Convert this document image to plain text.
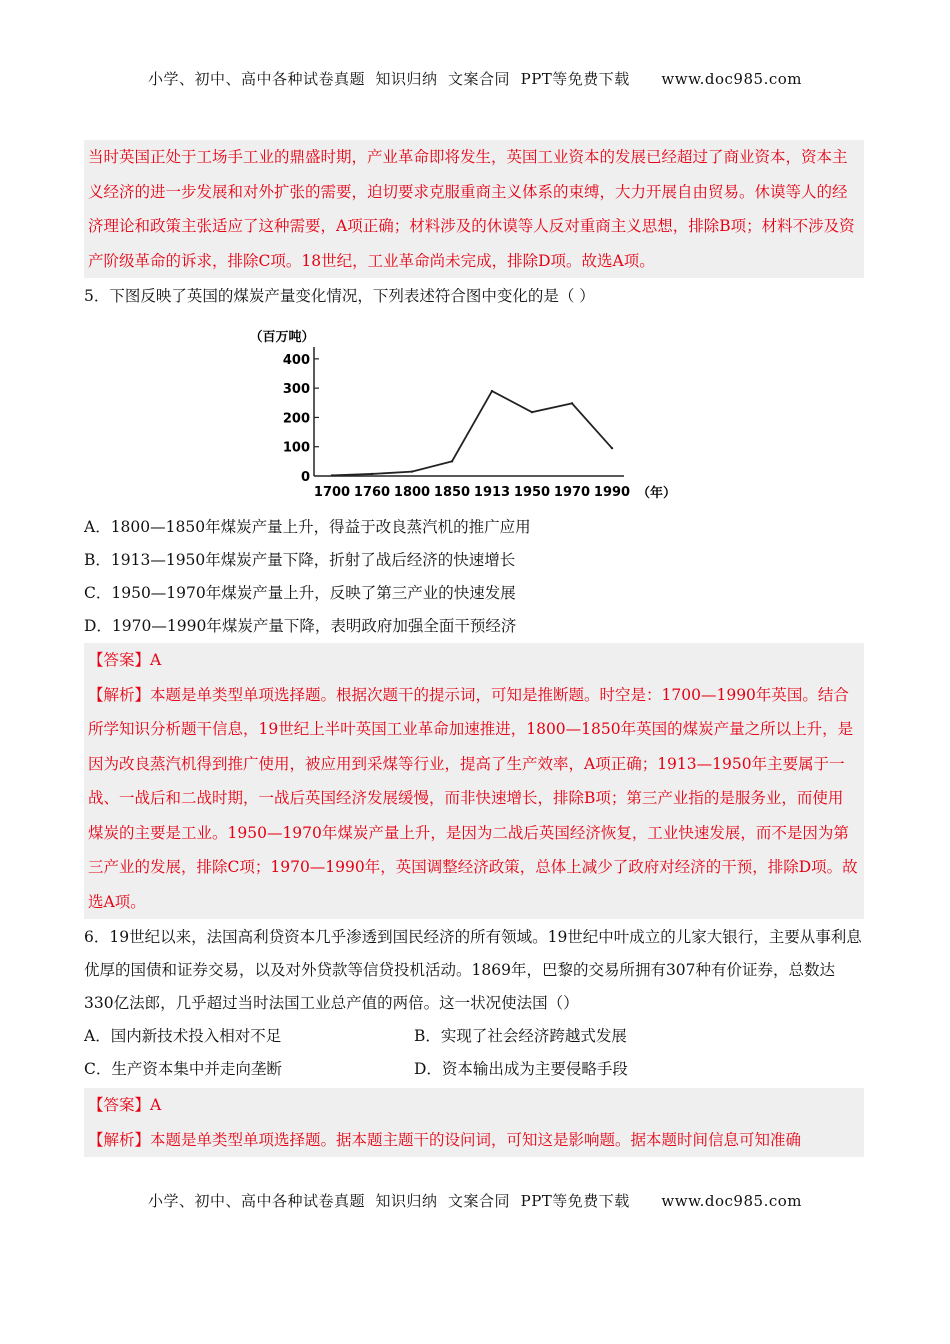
小学、初中、高中各种试卷真题  知识归纳  文案合同  PPT等免费下载      www.doc985.com

当时英国正处于工场手工业的鼎盛时期，产业革命即将发生，英国工业资本的发展已经超过了商业资本，资本主义经济的进一步发展和对外扩张的需要，迫切要求克服重商主义体系的束缚，大力开展自由贸易。休谟等人的经济理论和政策主张适应了这种需要，A项正确；材料涉及的休谟等人反对重商主义思想，排除B项；材料不涉及资产阶级革命的诉求，排除C项。18世纪，工业革命尚未完成，排除D项。故选A项。

5．下图反映了英国的煤炭产量变化情况，下列表述符合图中变化的是（ ）

（百万吨）
（年）
0
100
200
300
400
1700 1760 1800 1850 1913 1950 1970 1990

A．1800—1850年煤炭产量上升，得益于改良蒸汽机的推广应用

B．1913—1950年煤炭产量下降，折射了战后经济的快速增长

C．1950—1970年煤炭产量上升，反映了第三产业的快速发展

D．1970—1990年煤炭产量下降，表明政府加强全面干预经济

【答案】A
【解析】本题是单类型单项选择题。根据次题干的提示词，可知是推断题。时空是：1700—1990年英国。结合所学知识分析题干信息，19世纪上半叶英国工业革命加速推进，1800—1850年英国的煤炭产量之所以上升，是因为改良蒸汽机得到推广使用，被应用到采煤等行业，提高了生产效率，A项正确；1913—1950年主要属于一战、一战后和二战时期，一战后英国经济发展缓慢，而非快速增长，排除B项；第三产业指的是服务业，而使用煤炭的主要是工业。1950—1970年煤炭产量上升，是因为二战后英国经济恢复，工业快速发展，而不是因为第三产业的发展，排除C项；1970—1990年，英国调整经济政策，总体上减少了政府对经济的干预，排除D项。故选A项。

6．19世纪以来，法国高利贷资本几乎渗透到国民经济的所有领域。19世纪中叶成立的儿家大银行，主要从事利息优厚的国债和证券交易，以及对外贷款等信贷投机活动。1869年，巴黎的交易所拥有307种有价证券，总数达330亿法郎，几乎超过当时法国工业总产值的两倍。这一状况使法国（）

A．国内新技术投入相对不足	B．实现了社会经济跨越式发展
C．生产资本集中并走向垄断	D．资本输出成为主要侵略手段
【答案】A
【解析】本题是单类型单项选择题。据本题主题干的设问词，可知这是影响题。据本题时间信息可知准确
小学、初中、高中各种试卷真题  知识归纳  文案合同  PPT等免费下载      www.doc985.com
